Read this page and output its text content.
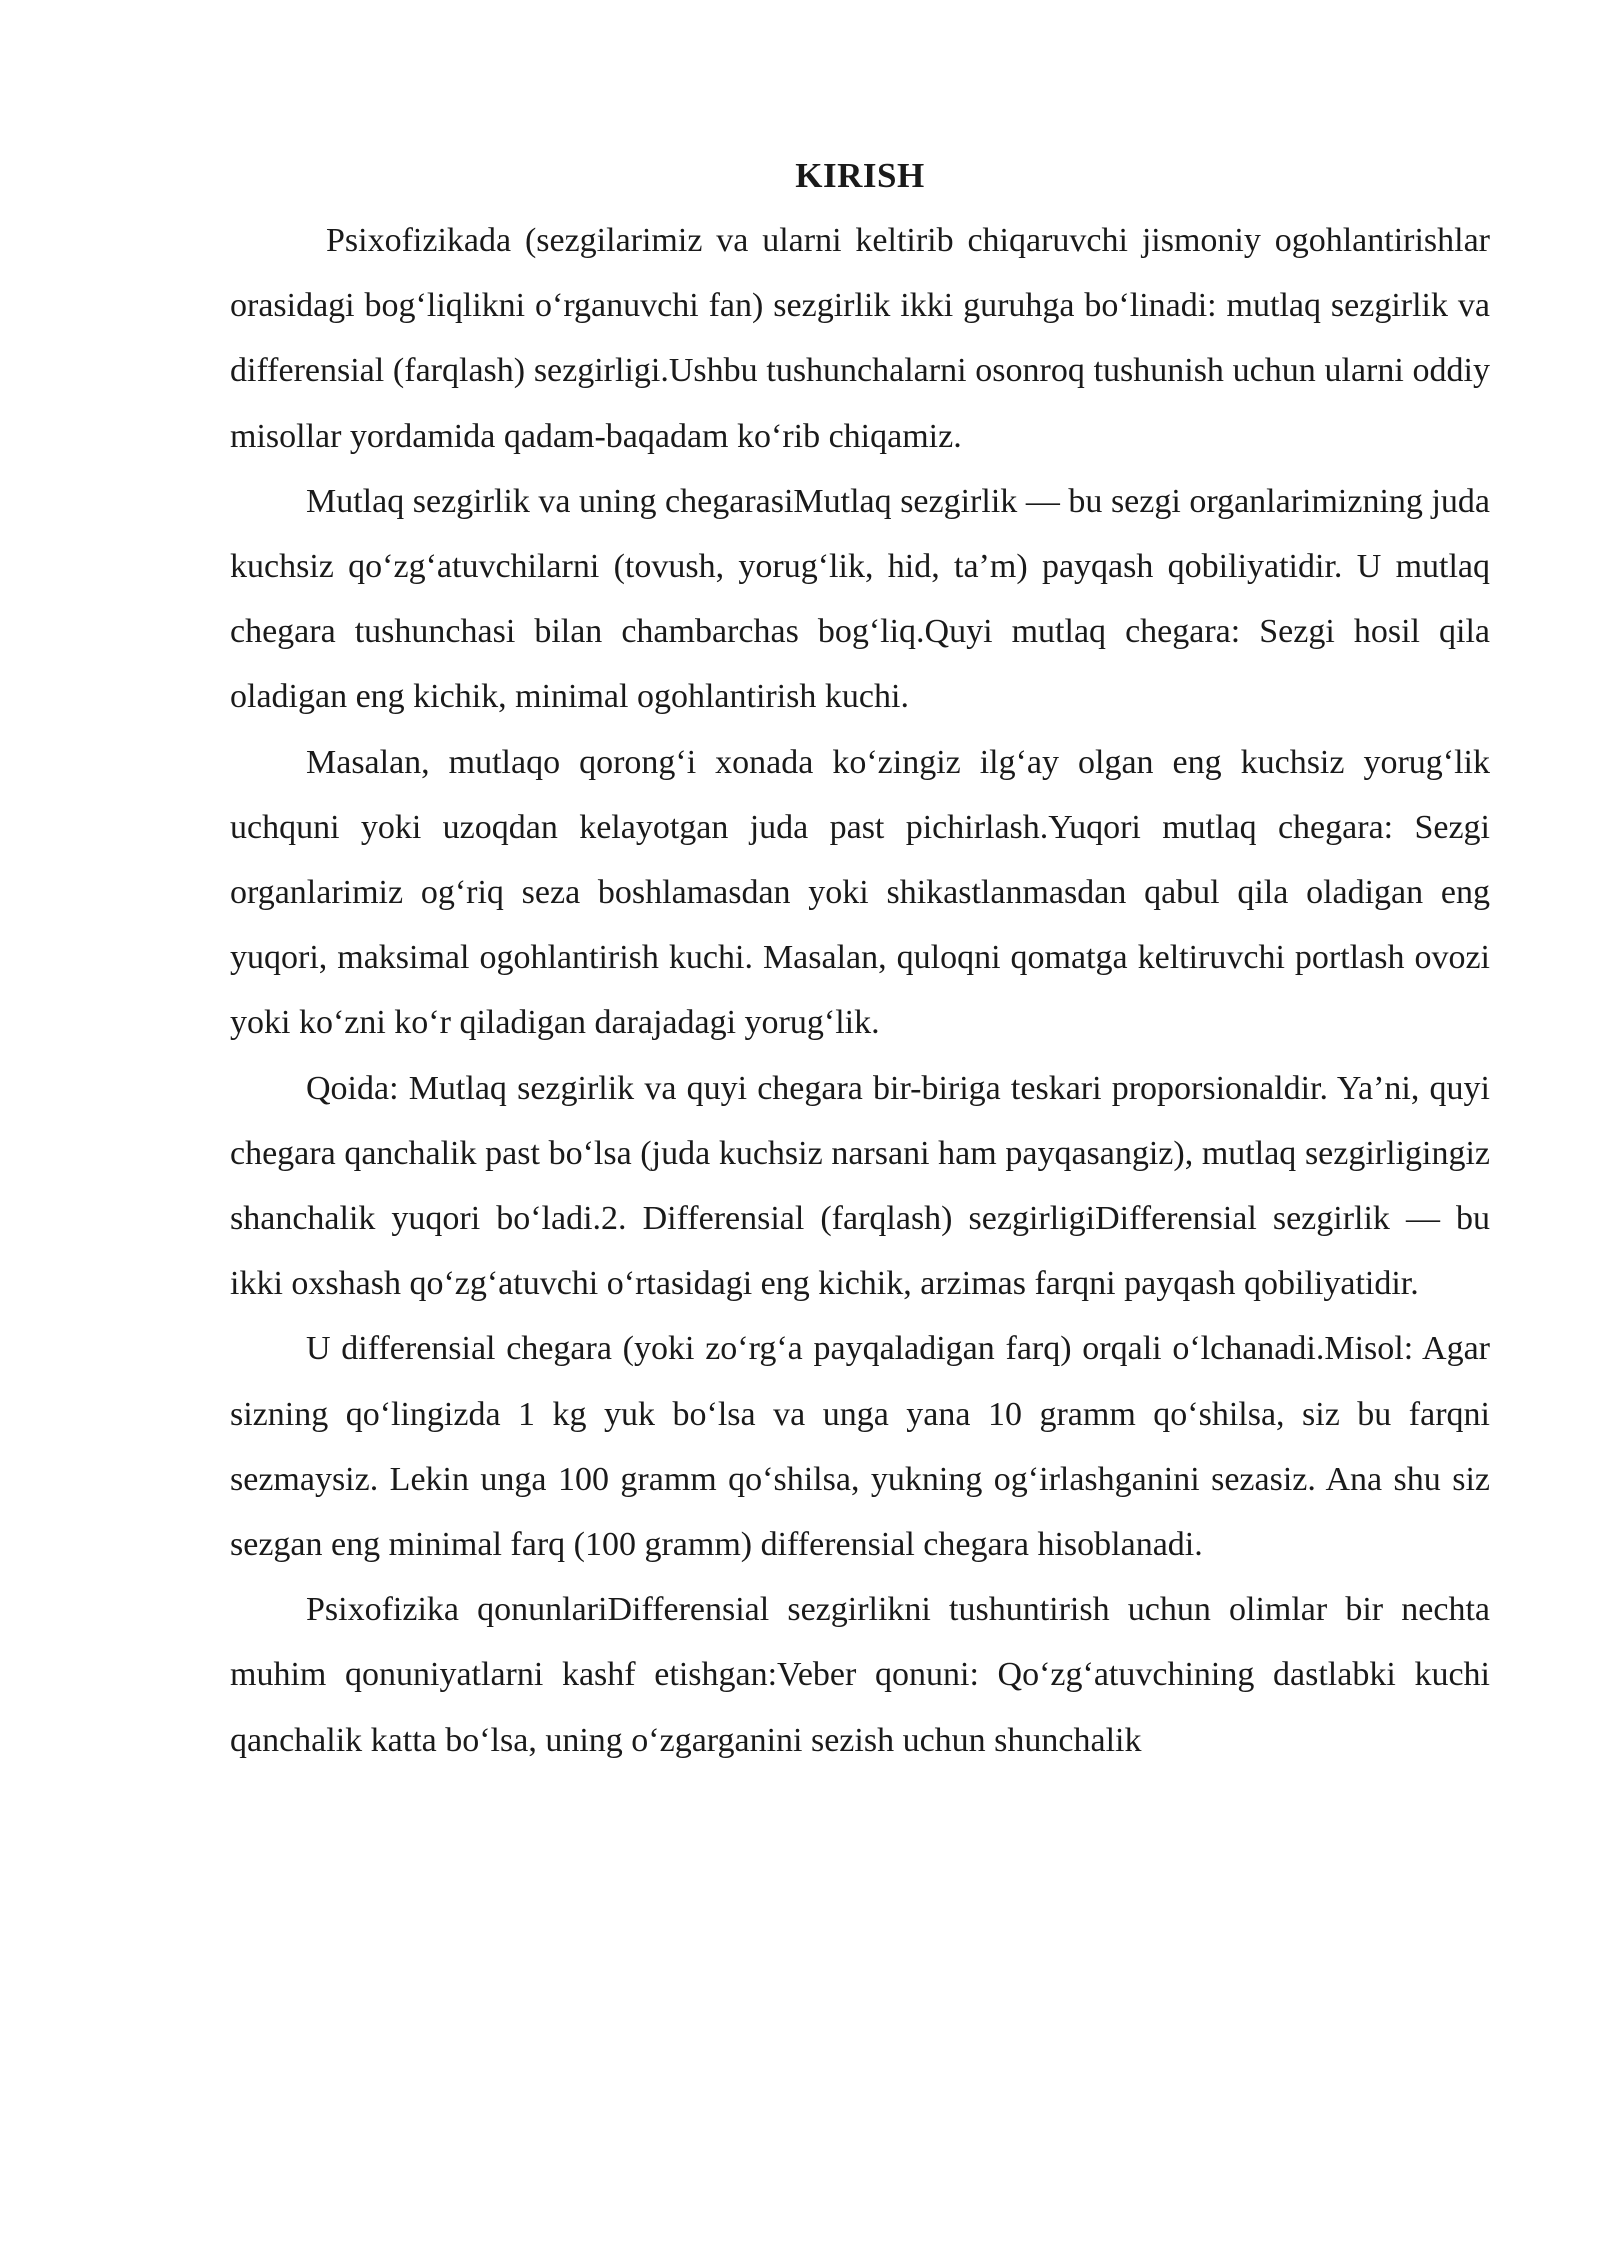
KIRISH

Psixofizikada (sezgilarimiz va ularni keltirib chiqaruvchi jismoniy ogohlantirishlar orasidagi bog‘liqlikni o‘rganuvchi fan) sezgirlik ikki guruhga bo‘linadi: mutlaq sezgirlik va differensial (farqlash) sezgirligi.Ushbu tushunchalarni osonroq tushunish uchun ularni oddiy misollar yordamida qadam-baqadam ko‘rib chiqamiz.

Mutlaq sezgirlik va uning chegarasiMutlaq sezgirlik — bu sezgi organlarimizning juda kuchsiz qo‘zg‘atuvchilarni (tovush, yorug‘lik, hid, ta’m) payqash qobiliyatidir. U mutlaq chegara tushunchasi bilan chambarchas bog‘liq.Quyi mutlaq chegara: Sezgi hosil qila oladigan eng kichik, minimal ogohlantirish kuchi.

Masalan, mutlaqo qorong‘i xonada ko‘zingiz ilg‘ay olgan eng kuchsiz yorug‘lik uchquni yoki uzoqdan kelayotgan juda past pichirlash.Yuqori mutlaq chegara: Sezgi organlarimiz og‘riq seza boshlamasdan yoki shikastlanmasdan qabul qila oladigan eng yuqori, maksimal ogohlantirish kuchi. Masalan, quloqni qomatga keltiruvchi portlash ovozi yoki ko‘zni ko‘r qiladigan darajadagi yorug‘lik.

Qoida: Mutlaq sezgirlik va quyi chegara bir-biriga teskari proporsionaldir. Ya’ni, quyi chegara qanchalik past bo‘lsa (juda kuchsiz narsani ham payqasangiz), mutlaq sezgirligingiz shanchalik yuqori bo‘ladi.2. Differensial (farqlash) sezgirligiDifferensial sezgirlik — bu ikki oxshash qo‘zg‘atuvchi o‘rtasidagi eng kichik, arzimas farqni payqash qobiliyatidir.

U differensial chegara (yoki zo‘rg‘a payqaladigan farq) orqali o‘lchanadi.Misol: Agar sizning qo‘lingizda 1 kg yuk bo‘lsa va unga yana 10 gramm qo‘shilsa, siz bu farqni sezmaysiz. Lekin unga 100 gramm qo‘shilsa, yukning og‘irlashganini sezasiz. Ana shu siz sezgan eng minimal farq (100 gramm) differensial chegara hisoblanadi.

Psixofizika qonunlariDifferensial sezgirlikni tushuntirish uchun olimlar bir nechta muhim qonuniyatlarni kashf etishgan:Veber qonuni: Qo‘zg‘atuvchining dastlabki kuchi qanchalik katta bo‘lsa, uning o‘zgarganini sezish uchun shunchalik
